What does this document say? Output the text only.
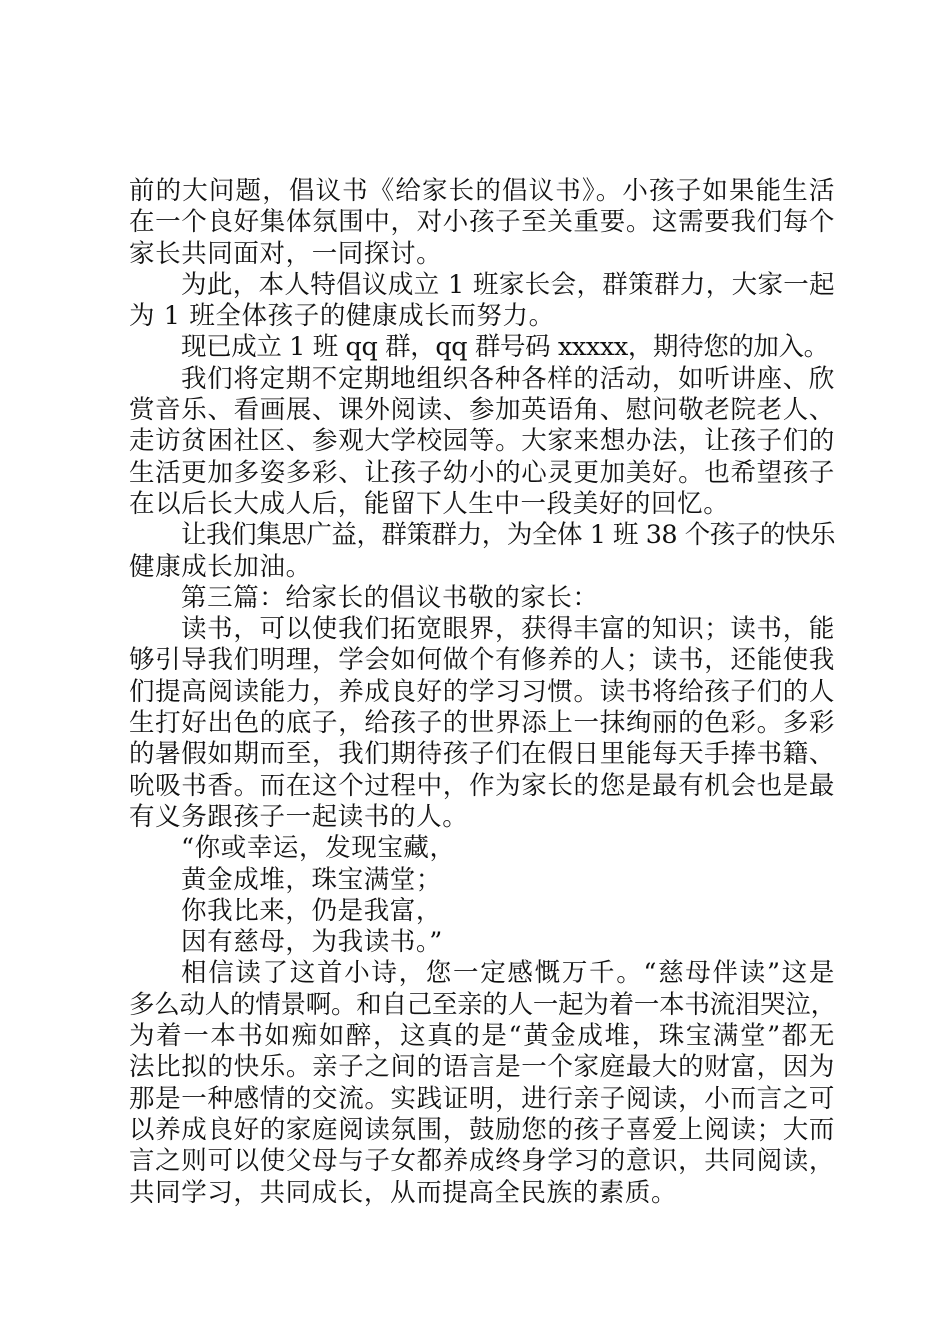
前的大问题，倡议书《给家长的倡议书》。小孩子如果能生活
在一个良好集体氛围中，对小孩子至关重要。这需要我们每个
家长共同面对，一同探讨。
为此，本人特倡议成立 1 班家长会，群策群力，大家一起
为 1 班全体孩子的健康成长而努力。
现已成立 1 班 qq 群，qq 群号码 xxxxx，期待您的加入。
我们将定期不定期地组织各种各样的活动，如听讲座、欣
赏音乐、看画展、课外阅读、参加英语角、慰问敬老院老人、
走访贫困社区、参观大学校园等。大家来想办法，让孩子们的
生活更加多姿多彩、让孩子幼小的心灵更加美好。也希望孩子
在以后长大成人后，能留下人生中一段美好的回忆。
让我们集思广益，群策群力，为全体 1 班 38 个孩子的快乐
健康成长加油。
第三篇：给家长的倡议书敬的家长：
读书，可以使我们拓宽眼界，获得丰富的知识；读书，能
够引导我们明理，学会如何做个有修养的人；读书，还能使我
们提高阅读能力，养成良好的学习习惯。读书将给孩子们的人
生打好出色的底子，给孩子的世界添上一抹绚丽的色彩。多彩
的暑假如期而至，我们期待孩子们在假日里能每天手捧书籍、
吮吸书香。而在这个过程中，作为家长的您是最有机会也是最
有义务跟孩子一起读书的人。
“你或幸运，发现宝藏，
黄金成堆，珠宝满堂；
你我比来，仍是我富，
因有慈母，为我读书。”
相信读了这首小诗，您一定感慨万千。“慈母伴读”这是
多么动人的情景啊。和自己至亲的人一起为着一本书流泪哭泣，
为着一本书如痴如醉，这真的是“黄金成堆，珠宝满堂”都无
法比拟的快乐。亲子之间的语言是一个家庭最大的财富，因为
那是一种感情的交流。实践证明，进行亲子阅读，小而言之可
以养成良好的家庭阅读氛围，鼓励您的孩子喜爱上阅读；大而
言之则可以使父母与子女都养成终身学习的意识，共同阅读，
共同学习，共同成长，从而提高全民族的素质。
